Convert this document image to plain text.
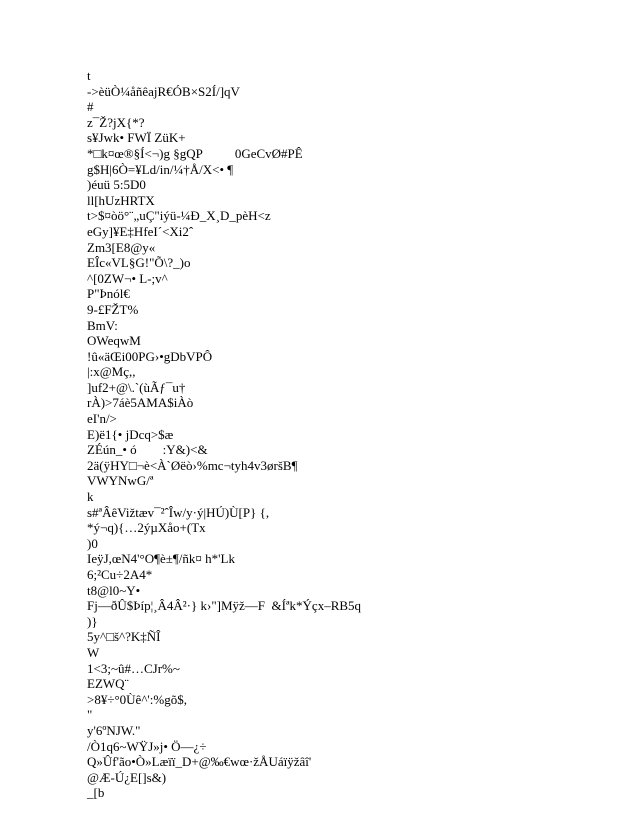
t
->èüÒ¼åñêajR€ÓB×S2Í/]qV
#
z¯Ž?jX{*?
s¥Jwk• FWÏ ZüK+
*□k¤œ®§Í<¬)g §gQP          0GeCvØ#PÊ
g$H|6Ò=¥Ld/in/¼†Å/X<• ¶
)éuü 5:5D0
ll[hUzHRTX
t>$¤òö°¨„uÇ"iýü-¼Ð_X¸D_pèH<z
eGy]¥E‡HfeI´<Xi2ˆ
Zm3[E8@y«
EÎc«VL§G!"Õ\?_)o
^[0ZW¬• L-;v^
P"Þnól€
9-£FŽT%
BmV:
OWeqwM
!û«äŒi00PG›•gDbVPÔ
|:x@Mç,,
]uf2+@\.`(ùÃƒ¯u†
rÀ)>7áè5AMA$iÀò
eI'n/>
E)ë1{• jDcq>$æ
ZÉún_• ó        :Y&)<&
2ä(ÿHY□¬è<À`Øëò›%mc¬tyh4v3øršB¶
VWYNwG/ª
k
s#ªÂêVižtæv¯²ˆÎw/y·ý|HÚ)Ù[P} {,
*ý¬q){…2ýµXåo+(Tx
)0
IeÿJ,œN4'°O¶è±¶/ñk¤ h*'Lk
6;²Cu÷2A4*
t8@l0~Y•
Fj—ðÛ$Þíp¦¸Â4Â²·} k›"]Mÿž—F  &Íªk*Ýçx–RB5q
)}
5y^□š^?K‡ÑÎ
W
1<3;~û#…CJr%~
EZWQ¨
>8¥÷°0Ùê^':%gõ$,
"
y'6ºNJW."
/Ò1q6~WŸJ»j• Ö—¿÷
Q»Ûf'ão•Ò»Læïï_D+@‰€wœ·žÅUáïÿžâî'
@Æ-Ú¿E[]s&)
_[b
